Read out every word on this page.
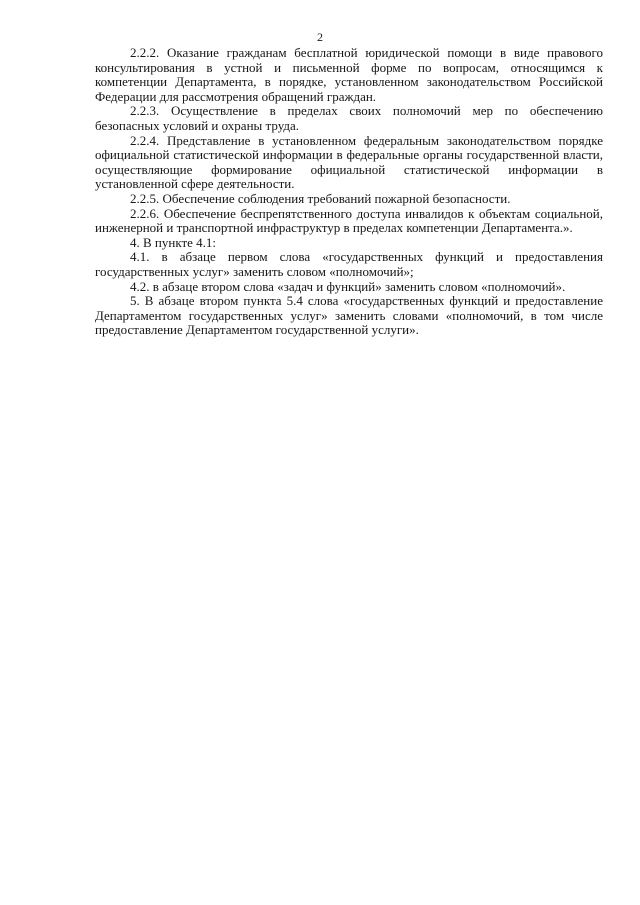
2

2.2.2. Оказание гражданам бесплатной юридической помощи в виде правового консультирования в устной и письменной форме по вопросам, относящимся к компетенции Департамента, в порядке, установленном законодательством Российской Федерации для рассмотрения обращений граждан.

2.2.3. Осуществление в пределах своих полномочий мер по обеспечению безопасных условий и охраны труда.

2.2.4. Представление в установленном федеральным законодательством порядке официальной статистической информации в федеральные органы государственной власти, осуществляющие формирование официальной статистической информации в установленной сфере деятельности.

2.2.5. Обеспечение соблюдения требований пожарной безопасности.

2.2.6. Обеспечение беспрепятственного доступа инвалидов к объектам социальной, инженерной и транспортной инфраструктур в пределах компетенции Департамента.».

4. В пункте 4.1:

4.1. в абзаце первом слова «государственных функций и предоставления государственных услуг» заменить словом «полномочий»;

4.2. в абзаце втором слова «задач и функций» заменить словом «полномочий».

5. В абзаце втором пункта 5.4 слова «государственных функций и предоставление Департаментом государственных услуг» заменить словами «полномочий, в том числе предоставление Департаментом государственной услуги».
